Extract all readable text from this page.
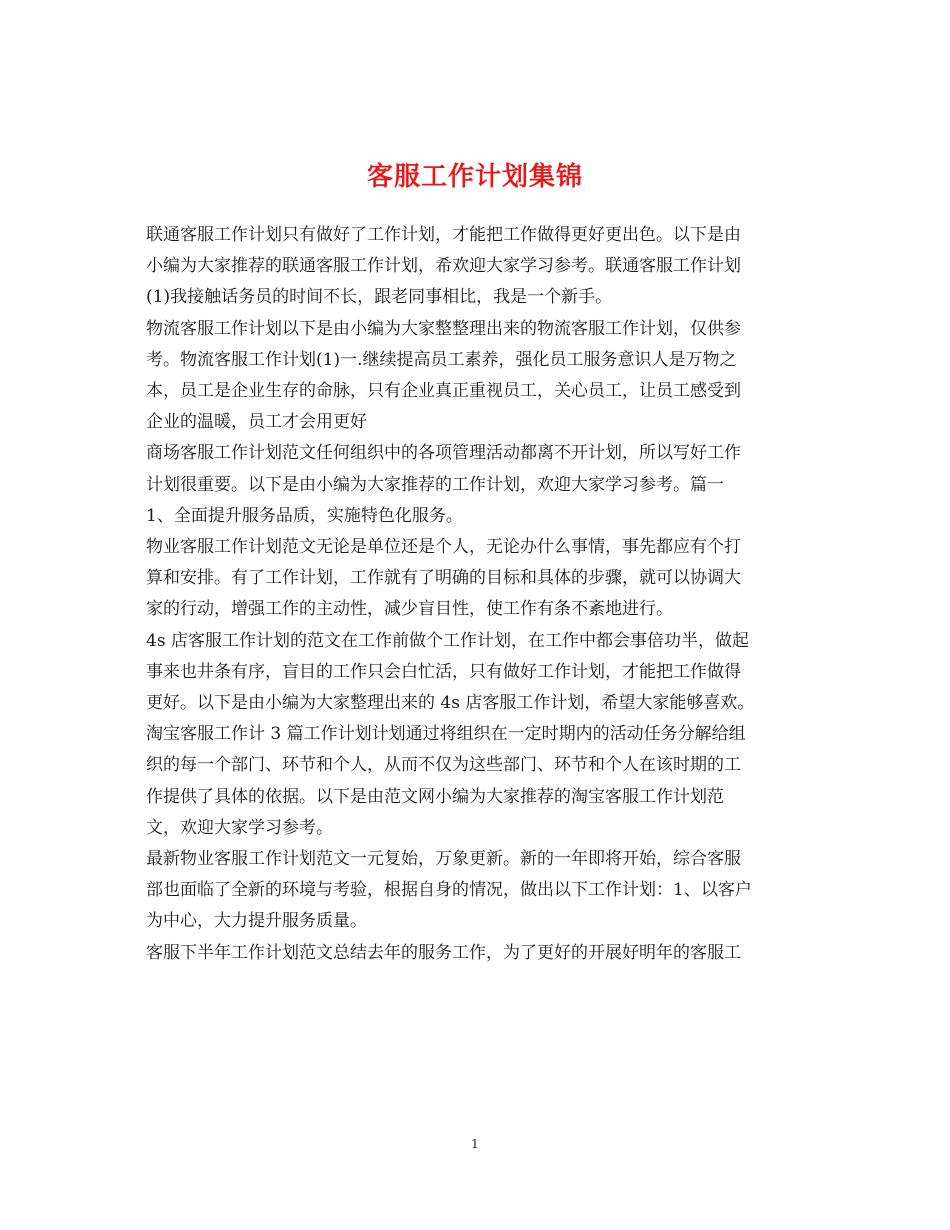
客服工作计划集锦

联通客服工作计划只有做好了工作计划，才能把工作做得更好更出色。以下是由
小编为大家推荐的联通客服工作计划，希欢迎大家学习参考。联通客服工作计划
(1)我接触话务员的时间不长，跟老同事相比，我是一个新手。

物流客服工作计划以下是由小编为大家整整理出来的物流客服工作计划，仅供参
考。物流客服工作计划(1)一.继续提高员工素养，强化员工服务意识人是万物之
本，员工是企业生存的命脉，只有企业真正重视员工，关心员工，让员工感受到
企业的温暖，员工才会用更好

商场客服工作计划范文任何组织中的各项管理活动都离不开计划，所以写好工作
计划很重要。以下是由小编为大家推荐的工作计划，欢迎大家学习参考。篇一
1、全面提升服务品质，实施特色化服务。

物业客服工作计划范文无论是单位还是个人，无论办什么事情，事先都应有个打
算和安排。有了工作计划，工作就有了明确的目标和具体的步骤，就可以协调大
家的行动，增强工作的主动性，减少盲目性，使工作有条不紊地进行。

4s 店客服工作计划的范文在工作前做个工作计划，在工作中都会事倍功半，做起
事来也井条有序，盲目的工作只会白忙活，只有做好工作计划，才能把工作做得
更好。以下是由小编为大家整理出来的 4s 店客服工作计划，希望大家能够喜欢。

淘宝客服工作计 3 篇工作计划计划通过将组织在一定时期内的活动任务分解给组
织的每一个部门、环节和个人，从而不仅为这些部门、环节和个人在该时期的工
作提供了具体的依据。以下是由范文网小编为大家推荐的淘宝客服工作计划范
文，欢迎大家学习参考。

最新物业客服工作计划范文一元复始，万象更新。新的一年即将开始，综合客服
部也面临了全新的环境与考验，根据自身的情况，做出以下工作计划：1、以客户
为中心，大力提升服务质量。

客服下半年工作计划范文总结去年的服务工作，为了更好的开展好明年的客服工

1
